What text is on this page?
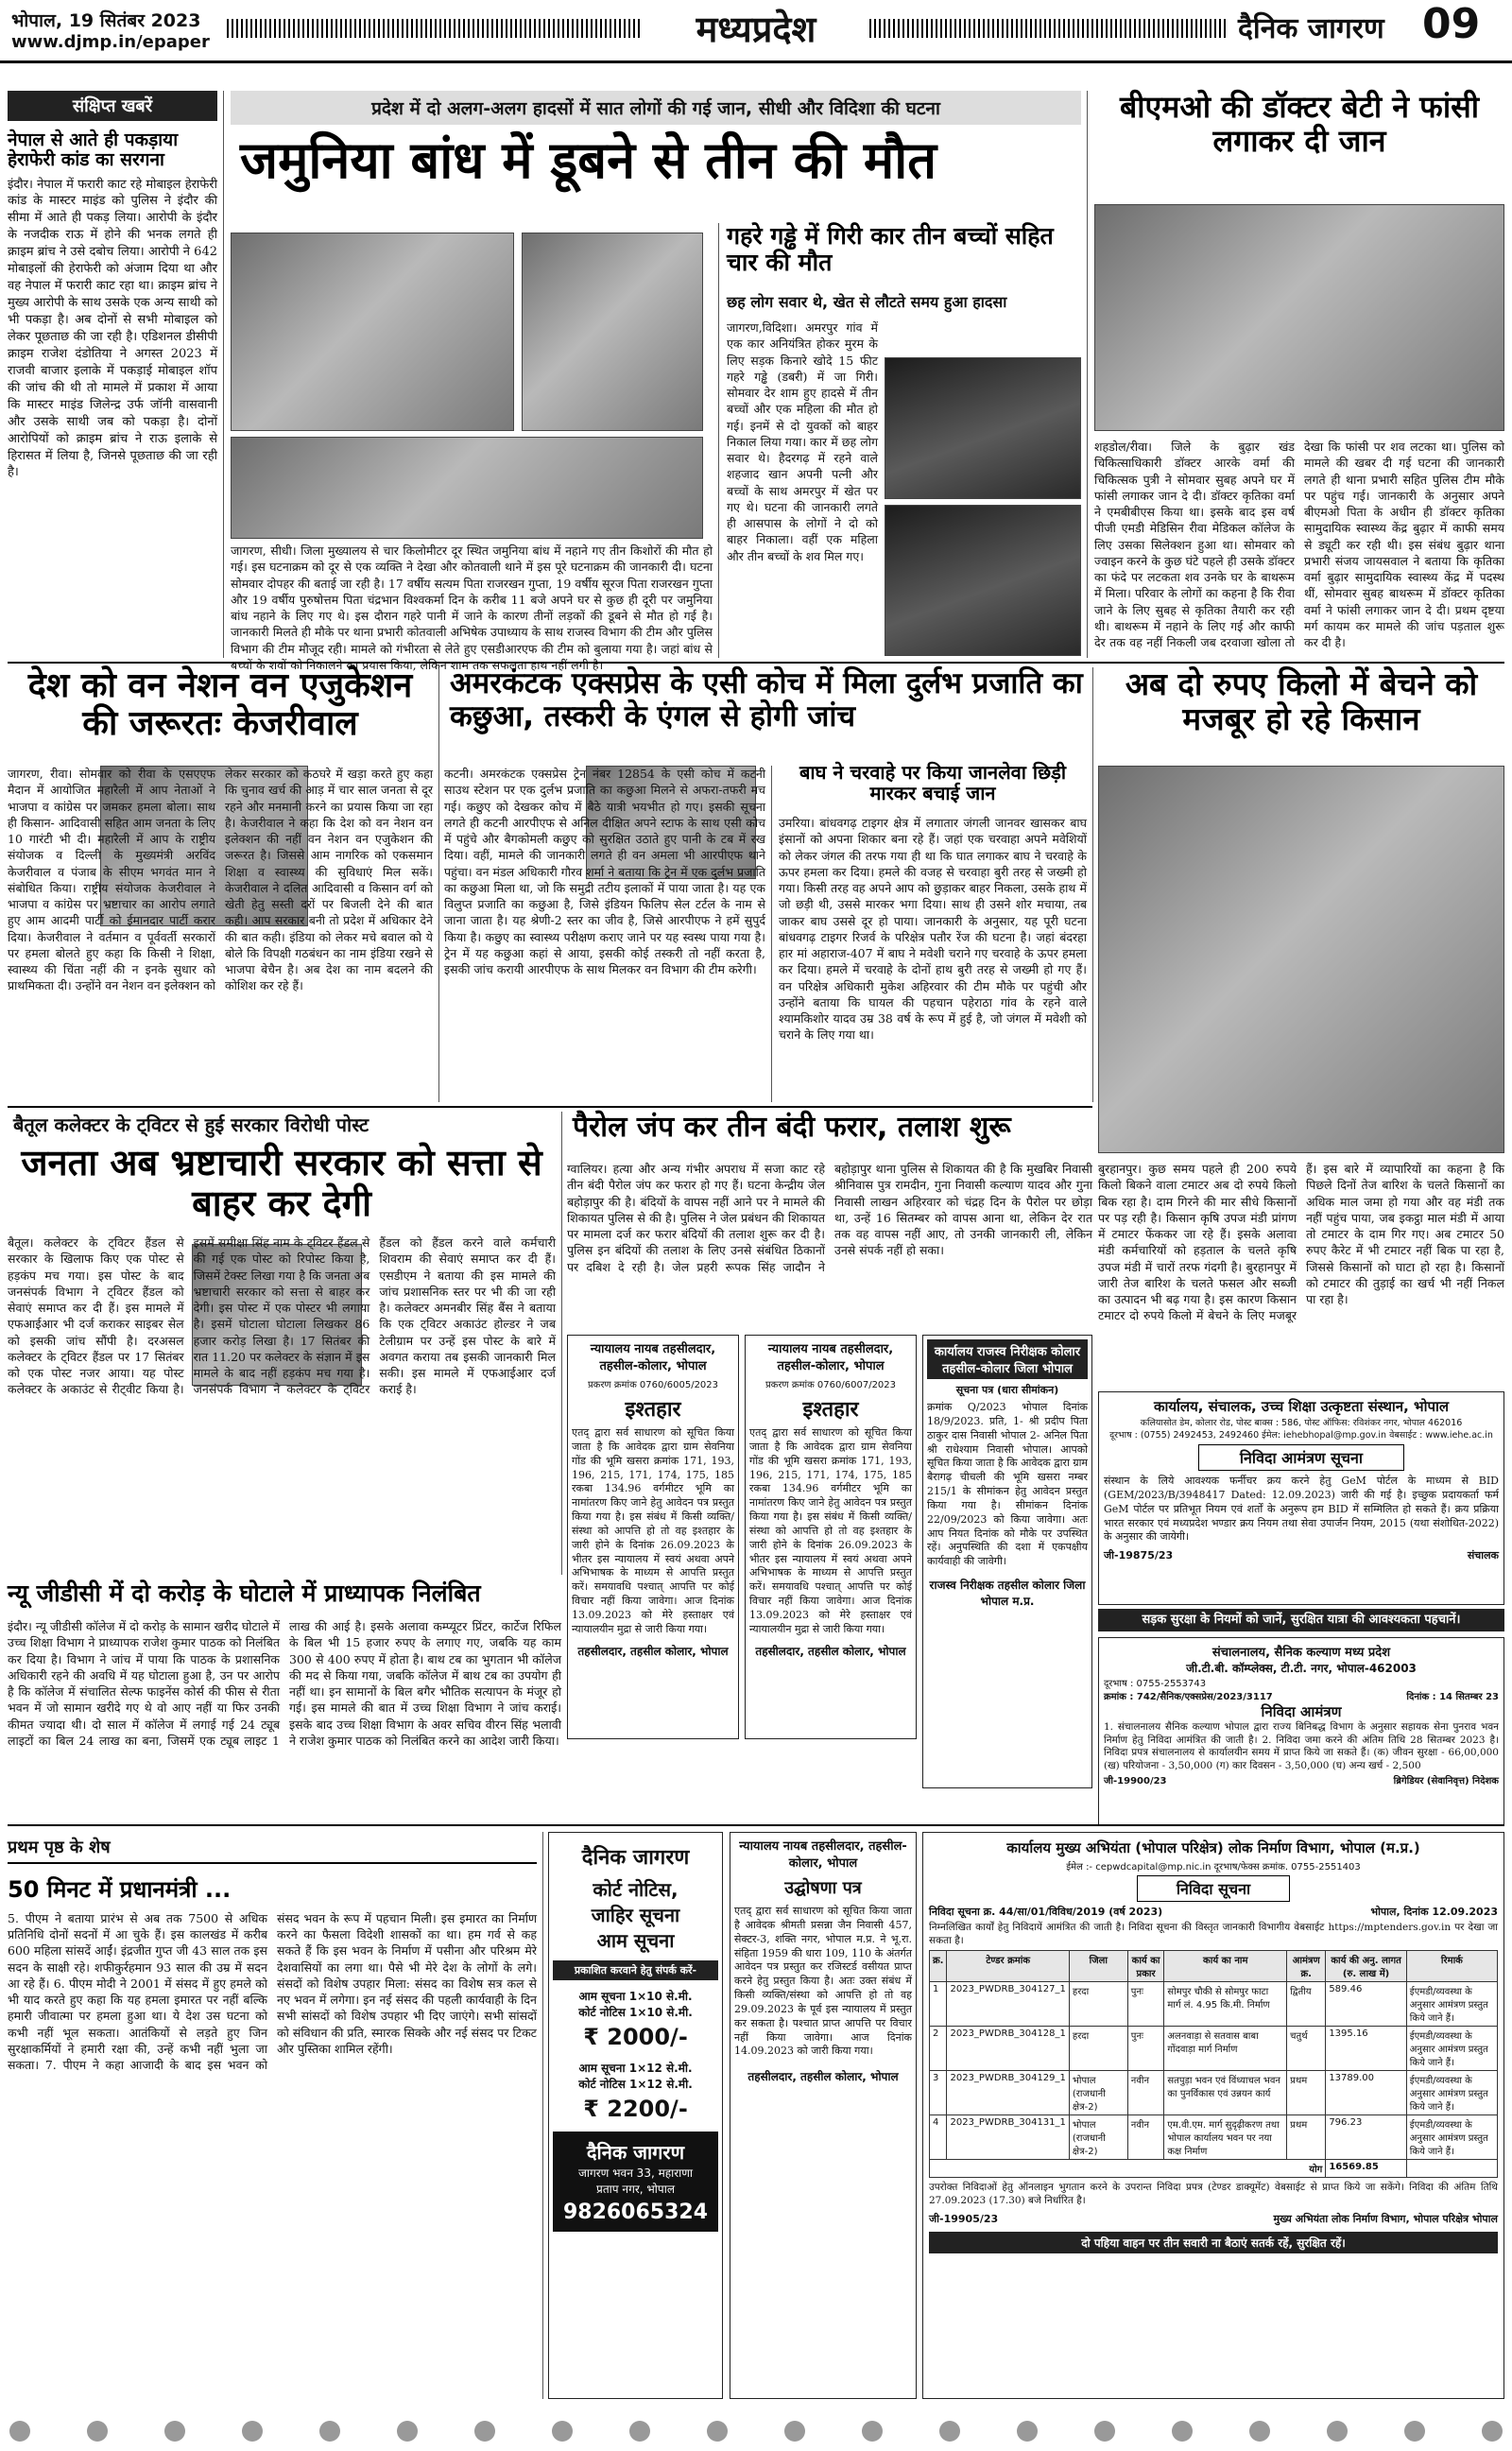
भोपाल, 19 सितंबर 2023
www.djmp.in/epaper	मध्यप्रदेश	दैनिक जागरण 09
संक्षिप्त खबरें
नेपाल से आते ही पकड़ाया हेराफेरी कांड का सरगना

इंदौर। नेपाल में फरारी काट रहे मोबाइल हेराफेरी कांड के मास्टर माइंड को पुलिस ने इंदौर की सीमा में आते ही पकड़ लिया। आरोपी के इंदौर के नजदीक राऊ में होने की भनक लगते ही क्राइम ब्रांच ने उसे दबोच लिया। आरोपी ने 642 मोबाइलों की हेराफेरी को अंजाम दिया था और वह नेपाल में फरारी काट रहा था। क्राइम ब्रांच ने मुख्य आरोपी के साथ उसके एक अन्य साथी को भी पकड़ा है। अब दोनों से सभी मोबाइल को लेकर पूछताछ की जा रही है। एडिशनल डीसीपी क्राइम राजेश दंडोतिया ने अगस्त 2023 में राजवी बाजार इलाके में पकड़ाई मोबाइल शॉप की जांच की थी तो मामले में प्रकाश में आया कि मास्टर माइंड जिलेन्द्र उर्फ जॉनी वासवानी और उसके साथी जब को पकड़ा है। दोनों आरोपियों को क्राइम ब्रांच ने राऊ इलाके से हिरासत में लिया है, जिनसे पूछताछ की जा रही है।

प्रदेश में दो अलग-अलग हादसों में सात लोगों की गई जान, सीधी और विदिशा की घटना
जमुनिया बांध में डूबने से तीन की मौत

जागरण, सीधी। जिला मुख्यालय से चार किलोमीटर दूर स्थित जमुनिया बांध में नहाने गए तीन किशोरों की मौत हो गई। इस घटनाक्रम को दूर से एक व्यक्ति ने देखा और कोतवाली थाने में इस पूरे घटनाक्रम की जानकारी दी। घटना सोमवार दोपहर की बताई जा रही है। 17 वर्षीय सत्यम पिता राजरखन गुप्ता, 19 वर्षीय सूरज पिता राजरखन गुप्ता और 19 वर्षीय पुरुषोत्तम पिता चंद्रभान विश्वकर्मा दिन के करीब 11 बजे अपने घर से कुछ ही दूरी पर जमुनिया बांध नहाने के लिए गए थे। इस दौरान गहरे पानी में जाने के कारण तीनों लड़कों की डूबने से मौत हो गई है। जानकारी मिलते ही मौके पर थाना प्रभारी कोतवाली अभिषेक उपाध्याय के साथ राजस्व विभाग की टीम और पुलिस विभाग की टीम मौजूद रही। मामले को गंभीरता से लेते हुए एसडीआरएफ की टीम को बुलाया गया है। जहां बांध से बच्चों के शवों को निकालने का प्रयास किया, लेकिन शाम तक सफलता हाथ नहीं लगी है।

गहरे गड्ढे में गिरी कार तीन बच्चों सहित चार की मौत
छह लोग सवार थे, खेत से लौटते समय हुआ हादसा

जागरण,विदिशा। अमरपुर गांव में एक कार अनियंत्रित होकर मुरम के लिए सड़क किनारे खोदे 15 फीट गहरे गड्ढे (डबरी) में जा गिरी। सोमवार देर शाम हुए हादसे में तीन बच्चों और एक महिला की मौत हो गई। इनमें से दो युवकों को बाहर निकाल लिया गया। कार में छह लोग सवार थे। हैदरगढ़ में रहने वाले शहजाद खान अपनी पत्नी और बच्चों के साथ अमरपुर में खेत पर गए थे। घटना की जानकारी लगते ही आसपास के लोगों ने दो को बाहर निकाला। वहीं एक महिला और तीन बच्चों के शव मिल गए।

बीएमओ की डॉक्टर बेटी ने फांसी लगाकर दी जान

शहडोल/रीवा। जिले के बुढ़ार खंड चिकित्साधिकारी डॉक्टर आरके वर्मा की चिकित्सक पुत्री ने सोमवार सुबह अपने घर में फांसी लगाकर जान दे दी। डॉक्टर कृतिका वर्मा ने एमबीबीएस किया था। इसके बाद इस वर्ष पीजी एमडी मेडिसिन रीवा मेडिकल कॉलेज के लिए उसका सिलेक्शन हुआ था। सोमवार को ज्वाइन करने के कुछ घंटे पहले ही उसके डॉक्टर का फंदे पर लटकता शव उनके घर के बाथरूम में मिला। परिवार के लोगों का कहना है कि रीवा जाने के लिए सुबह से कृतिका तैयारी कर रही थी। बाथरूम में नहाने के लिए गई और काफी देर तक वह नहीं निकली जब दरवाजा खोला तो देखा कि फांसी पर शव लटका था। पुलिस को मामले की खबर दी गई घटना की जानकारी लगते ही थाना प्रभारी सहित पुलिस टीम मौके पर पहुंच गई। जानकारी के अनुसार अपने बीएमओ पिता के अधीन ही डॉक्टर कृतिका सामुदायिक स्वास्थ्य केंद्र बुढ़ार में काफी समय से ड्यूटी कर रही थी। इस संबंध बुढ़ार थाना प्रभारी संजय जायसवाल ने बताया कि कृतिका वर्मा बुढ़ार सामुदायिक स्वास्थ्य केंद्र में पदस्थ थीं, सोमवार सुबह बाथरूम में डॉक्टर कृतिका वर्मा ने फांसी लगाकर जान दे दी। प्रथम दृष्टया मर्ग कायम कर मामले की जांच पड़ताल शुरू कर दी है।

देश को वन नेशन वन एजुकेशन की जरूरतः केजरीवाल

जागरण, रीवा। सोमवार को रीवा के एसएएफ मैदान में आयोजित महारैली में आप नेताओं ने भाजपा व कांग्रेस पर जमकर हमला बोला। साथ ही किसान- आदिवासी सहित आम जनता के लिए 10 गारंटी भी दी। महारैली में आप के राष्ट्रीय संयोजक व दिल्ली के मुख्यमंत्री अरविंद केजरीवाल व पंजाब के सीएम भगवंत मान ने संबोधित किया। राष्ट्रीय संयोजक केजरीवाल ने भाजपा व कांग्रेस पर भ्रष्टाचार का आरोप लगाते हुए आम आदमी पार्टी को ईमानदार पार्टी करार दिया। केजरीवाल ने वर्तमान व पूर्ववर्ती सरकारों पर हमला बोलते हुए कहा कि किसी ने शिक्षा, स्वास्थ्य की चिंता नहीं की न इनके सुधार को प्राथमिकता दी। उन्होंने वन नेशन वन इलेक्शन को लेकर सरकार को कठघरे में खड़ा करते हुए कहा कि चुनाव खर्च की आड़ में चार साल जनता से दूर रहने और मनमानी करने का प्रयास किया जा रहा है। केजरीवाल ने कहा कि देश को वन नेशन वन इलेक्शन की नहीं वन नेशन वन एजुकेशन की जरूरत है। जिससे आम नागरिक को एकसमान शिक्षा व स्वास्थ्य की सुविधाएं मिल सकें। केजरीवाल ने दलित आदिवासी व किसान वर्ग को खेती हेतु सस्ती दरों पर बिजली देने की बात कही। आप सरकार बनी तो प्रदेश में अधिकार देने की बात कही। इंडिया को लेकर मचे बवाल को ये बोले कि विपक्षी गठबंधन का नाम इंडिया रखने से भाजपा बेचैन है। अब देश का नाम बदलने की कोशिश कर रहे हैं।

अमरकंटक एक्सप्रेस के एसी कोच में मिला दुर्लभ प्रजाति का कछुआ, तस्करी के एंगल से होगी जांच

कटनी। अमरकंटक एक्सप्रेस ट्रेन नंबर 12854 के एसी कोच में कटनी साउथ स्टेशन पर एक दुर्लभ प्रजाति का कछुआ मिलने से अफरा-तफरी मच गई। कछुए को देखकर कोच में बैठे यात्री भयभीत हो गए। इसकी सूचना लगते ही कटनी आरपीएफ से अनिल दीक्षित अपने स्टाफ के साथ एसी कोच में पहुंचे और बैगकोमली कछुए को सुरक्षित उठाते हुए पानी के टब में रख दिया। वहीं, मामले की जानकारी लगते ही वन अमला भी आरपीएफ थाने पहुंचा। वन मंडल अधिकारी गौरव शर्मा ने बताया कि ट्रेन में एक दुर्लभ प्रजाति का कछुआ मिला था, जो कि समुद्री तटीय इलाकों में पाया जाता है। यह एक विलुप्त प्रजाति का कछुआ है, जिसे इंडियन फिलिप सेल टर्टल के नाम से जाना जाता है। यह श्रेणी-2 स्तर का जीव है, जिसे आरपीएफ ने हमें सुपुर्द किया है। कछुए का स्वास्थ्य परीक्षण कराए जाने पर यह स्वस्थ पाया गया है। ट्रेन में यह कछुआ कहां से आया, इसकी कोई तस्करी तो नहीं करता है, इसकी जांच करायी आरपीएफ के साथ मिलकर वन विभाग की टीम करेगी।

बाघ ने चरवाहे पर किया जानलेवा छिड़ी मारकर बचाई जान

उमरिया। बांधवगढ़ टाइगर क्षेत्र में लगातार जंगली जानवर खासकर बाघ इंसानों को अपना शिकार बना रहे हैं। जहां एक चरवाहा अपने मवेशियों को लेकर जंगल की तरफ गया ही था कि घात लगाकर बाघ ने चरवाहे के ऊपर हमला कर दिया। हमले की वजह से चरवाहा बुरी तरह से जख्मी हो गया। किसी तरह वह अपने आप को छुड़ाकर बाहर निकला, उसके हाथ में जो छड़ी थी, उससे मारकर भगा दिया। साथ ही उसने शोर मचाया, तब जाकर बाघ उससे दूर हो पाया। जानकारी के अनुसार, यह पूरी घटना बांधवगढ़ टाइगर रिजर्व के परिक्षेत्र पतौर रेंज की घटना है। जहां बंदरहा हार मां अहाराज-407 में बाघ ने मवेशी चराने गए चरवाहे के ऊपर हमला कर दिया। हमले में चरवाहे के दोनों हाथ बुरी तरह से जख्मी हो गए हैं। वन परिक्षेत्र अधिकारी मुकेश अहिरवार की टीम मौके पर पहुंची और उन्होंने बताया कि घायल की पहचान पहेराठा गांव के रहने वाले श्यामकिशोर यादव उम्र 38 वर्ष के रूप में हुई है, जो जंगल में मवेशी को चराने के लिए गया था।

अब दो रुपए किलो में बेचने को मजबूर हो रहे किसान

बुरहानपुर। कुछ समय पहले ही 200 रुपये किलो बिकने वाला टमाटर अब दो रुपये किलो बिक रहा है। दाम गिरने की मार सीधे किसानों पर पड़ रही है। किसान कृषि उपज मंडी प्रांगण में टमाटर फेंककर जा रहे हैं। इसके अलावा मंडी कर्मचारियों को हड़ताल के चलते कृषि उपज मंडी में चारों तरफ गंदगी है। बुरहानपुर में जारी तेज बारिश के चलते फसल और सब्जी का उत्पादन भी बढ़ गया है। इस कारण किसान टमाटर दो रुपये किलो में बेचने के लिए मजबूर हैं। इस बारे में व्यापारियों का कहना है कि पिछले दिनों तेज बारिश के चलते किसानों का अधिक माल जमा हो गया और वह मंडी तक नहीं पहुंच पाया, जब इकट्ठा माल मंडी में आया तो टमाटर के दाम गिर गए। अब टमाटर 50 रुपए कैरेट में भी टमाटर नहीं बिक पा रहा है, जिससे किसानों को घाटा हो रहा है। किसानों को टमाटर की तुड़ाई का खर्च भी नहीं निकल पा रहा है।

बैतूल कलेक्टर के ट्विटर से हुई सरकार विरोधी पोस्ट
जनता अब भ्रष्टाचारी सरकार को सत्ता से बाहर कर देगी

बैतूल। कलेक्टर के ट्विटर हैंडल से सरकार के खिलाफ किए एक पोस्ट से हड़कंप मच गया। इस पोस्ट के बाद जनसंपर्क विभाग ने ट्विटर हैंडल को सेवाएं समाप्त कर दी हैं। इस मामले में एफआईआर भी दर्ज कराकर साइबर सेल को इसकी जांच सौंपी है। दरअसल कलेक्टर के ट्विटर हैंडल पर 17 सितंबर को एक पोस्ट नजर आया। यह पोस्ट कलेक्टर के अकाउंट से रीट्वीट किया है। इसमें समीक्षा सिंह नाम के ट्विटर हैंडल से की गई एक पोस्ट को रिपोस्ट किया है, जिसमें टेक्स्ट लिखा गया है कि जनता अब भ्रष्टाचारी सरकार को सत्ता से बाहर कर देगी। इस पोस्ट में एक पोस्टर भी लगाया है। इसमें घोटाला घोटाला लिखकर 86 हजार करोड़ लिखा है। 17 सितंबर की रात 11.20 पर कलेक्टर के संज्ञान में इस मामले के बाद नहीं हड़कंप मच गया है। जनसंपर्क विभाग ने कलेक्टर के ट्विटर हैंडल को हैंडल करने वाले कर्मचारी शिवराम की सेवाएं समाप्त कर दी हैं। एसडीएम ने बताया की इस मामले की जांच प्रशासनिक स्तर पर भी की जा रही है। कलेक्टर अमनबीर सिंह बैंस ने बताया कि एक ट्विटर अकाउंट होल्डर ने जब टेलीग्राम पर उन्हें इस पोस्ट के बारे में अवगत कराया तब इसकी जानकारी मिल सकी। इस मामले में एफआईआर दर्ज कराई है।

पैरोल जंप कर तीन बंदी फरार, तलाश शुरू

ग्वालियर। हत्या और अन्य गंभीर अपराध में सजा काट रहे तीन बंदी पैरोल जंप कर फरार हो गए हैं। घटना केन्द्रीय जेल बहोड़ापुर की है। बंदियों के वापस नहीं आने पर ने मामले की शिकायत पुलिस से की है। पुलिस ने जेल प्रबंधन की शिकायत पर मामला दर्ज कर फरार बंदियों की तलाश शुरू कर दी है। पुलिस इन बंदियों की तलाश के लिए उनसे संबंधित ठिकानों पर दबिश दे रही है। जेल प्रहरी रूपक सिंह जादौन ने बहोड़ापुर थाना पुलिस से शिकायत की है कि मुखबिर निवासी श्रीनिवास पुत्र रामदीन, गुना निवासी कल्याण यादव और गुना निवासी लाखन अहिरवार को चंद्रह दिन के पैरोल पर छोड़ा था, उन्हें 16 सितम्बर को वापस आना था, लेकिन देर रात तक वह वापस नहीं आए, तो उनकी जानकारी ली, लेकिन उनसे संपर्क नहीं हो सका।

न्यायालय नायब तहसीलदार, तहसील-कोलार, भोपाल
प्रकरण क्रमांक 0760/6005/2023
इश्तहार

एतद् द्वारा सर्व साधारण को सूचित किया जाता है कि आवेदक द्वारा ग्राम सेवनिया गोंड की भूमि खसरा क्रमांक 171, 193, 196, 215, 171, 174, 175, 185 रकबा 134.96 वर्गमीटर भूमि का नामांतरण किए जाने हेतु आवेदन पत्र प्रस्तुत किया गया है। इस संबंध में किसी व्यक्ति/संस्था को आपत्ति हो तो वह इश्तहार के जारी होने के दिनांक 26.09.2023 के भीतर इस न्यायालय में स्वयं अथवा अपने अभिभाषक के माध्यम से आपत्ति प्रस्तुत करें। समयावधि पश्चात् आपत्ति पर कोई विचार नहीं किया जावेगा। आज दिनांक 13.09.2023 को मेरे हस्ताक्षर एवं न्यायालयीन मुद्रा से जारी किया गया।

तहसीलदार, तहसील कोलार, भोपाल
न्यायालय नायब तहसीलदार, तहसील-कोलार, भोपाल
प्रकरण क्रमांक 0760/6007/2023
इश्तहार

एतद् द्वारा सर्व साधारण को सूचित किया जाता है कि आवेदक द्वारा ग्राम सेवनिया गोंड की भूमि खसरा क्रमांक 171, 193, 196, 215, 171, 174, 175, 185 रकबा 134.96 वर्गमीटर भूमि का नामांतरण किए जाने हेतु आवेदन पत्र प्रस्तुत किया गया है। इस संबंध में किसी व्यक्ति/संस्था को आपत्ति हो तो वह इश्तहार के जारी होने के दिनांक 26.09.2023 के भीतर इस न्यायालय में स्वयं अथवा अपने अभिभाषक के माध्यम से आपत्ति प्रस्तुत करें। समयावधि पश्चात् आपत्ति पर कोई विचार नहीं किया जावेगा। आज दिनांक 13.09.2023 को मेरे हस्ताक्षर एवं न्यायालयीन मुद्रा से जारी किया गया।

तहसीलदार, तहसील कोलार, भोपाल
कार्यालय राजस्व निरीक्षक कोलार तहसील-कोलार जिला भोपाल
सूचना पत्र (धारा सीमांकन)

क्रमांक Q/2023 भोपाल दिनांक 18/9/2023. प्रति, 1- श्री प्रदीप पिता ठाकुर दास निवासी भोपाल 2- अनिल पिता श्री राधेश्याम निवासी भोपाल। आपको सूचित किया जाता है कि आवेदक द्वारा ग्राम बैरागढ़ चीचली की भूमि खसरा नम्बर 215/1 के सीमांकन हेतु आवेदन प्रस्तुत किया गया है। सीमांकन दिनांक 22/09/2023 को किया जावेगा। अतः आप नियत दिनांक को मौके पर उपस्थित रहें। अनुपस्थिति की दशा में एकपक्षीय कार्यवाही की जावेगी।

राजस्व निरीक्षक तहसील कोलार जिला भोपाल म.प्र.
कार्यालय, संचालक, उच्च शिक्षा उत्कृष्टता संस्थान, भोपाल
कलियासोत डेम, कोलार रोड, पोस्ट बाक्स : 586, पोस्ट ऑफिस: रविशंकर नगर, भोपाल 462016
दूरभाष : (0755) 2492453, 2492460 ईमेल: iehebhopal@mp.gov.in वेबसाईट : www.iehe.ac.in
निविदा आमंत्रण सूचना

संस्थान के लिये आवश्यक फर्नीचर क्रय करने हेतु GeM पोर्टल के माध्यम से BID (GEM/2023/B/3948417 Dated: 12.09.2023) जारी की गई है। इच्छुक प्रदायकर्ता फर्म GeM पोर्टल पर प्रतिभूत नियम एवं शर्तों के अनुरूप हम BID में सम्मिलित हो सकते हैं। क्रय प्रक्रिया भारत सरकार एवं मध्यप्रदेश भण्डार क्रय नियम तथा सेवा उपार्जन नियम, 2015 (यथा संशोधित-2022) के अनुसार की जायेगी।

जी-19875/23	संचालक
सड़क सुरक्षा के नियमों को जानें, सुरक्षित यात्रा की आवश्यकता पहचानें।
संचालनालय, सैनिक कल्याण मध्य प्रदेश
जी.टी.बी. कॉम्प्लेक्स, टी.टी. नगर, भोपाल-462003
दूरभाष : 0755-2553743
क्रमांक : 742/सैनिक/एक्सप्रेस/2023/3117	दिनांक : 14 सितम्बर 23
निविदा आमंत्रण

1. संचालनालय सैनिक कल्याण भोपाल द्वारा राज्य बिनिबद्ध विभाग के अनुसार सहायक सेना पुनराव भवन निर्माण हेतु निविदा आमंत्रित की जाती है। 2. निविदा जमा करने की अंतिम तिथि 28 सितम्बर 2023 है। निविदा प्रपत्र संचालनालय से कार्यालयीन समय में प्राप्त किये जा सकते हैं। (क) जीवन सुरक्षा - 66,00,000 (ख) परियोजना - 3,50,000 (ग) कार दिवसन - 3,50,000 (घ) अन्य खर्च - 2,500

जी-19900/23	ब्रिगेडियर (सेवानिवृत्त) निदेशक
न्यू जीडीसी में दो करोड़ के घोटाले में प्राध्यापक निलंबित

इंदौर। न्यू जीडीसी कॉलेज में दो करोड़ के सामान खरीद घोटाले में उच्च शिक्षा विभाग ने प्राध्यापक राजेश कुमार पाठक को निलंबित कर दिया है। विभाग ने जांच में पाया कि पाठक के प्रशासनिक अधिकारी रहने की अवधि में यह घोटाला हुआ है, उन पर आरोप है कि कॉलेज में संचालित सेल्फ फाइनेंस कोर्स की फीस से रीता भवन में जो सामान खरीदे गए थे वो आए नहीं या फिर उनकी कीमत ज्यादा थी। दो साल में कॉलेज में लगाई गई 24 ट्यूब लाइटों का बिल 24 लाख का बना, जिसमें एक ट्यूब लाइट 1 लाख की आई है। इसके अलावा कम्प्यूटर प्रिंटर, कार्टेज रिफिल के बिल भी 15 हजार रुपए के लगाए गए, जबकि यह काम 300 से 400 रुपए में होता है। बाथ टब का भुगतान भी कॉलेज की मद से किया गया, जबकि कॉलेज में बाथ टब का उपयोग ही नहीं था। इन सामानों के बिल बगैर भौतिक सत्यापन के मंजूर हो गई। इस मामले की बात में उच्च शिक्षा विभाग ने जांच कराई। इसके बाद उच्च शिक्षा विभाग के अवर सचिव वीरन सिंह भलावी ने राजेश कुमार पाठक को निलंबित करने का आदेश जारी किया।

प्रथम पृष्ठ के शेष
50 मिनट में प्रधानमंत्री ...

5. पीएम ने बताया प्रारंभ से अब तक 7500 से अधिक प्रतिनिधि दोनों सदनों में आ चुके हैं। इस कालखंड में करीब 600 महिला सांसदें आईं। इंद्रजीत गुप्त जी 43 साल तक इस सदन के साक्षी रहे। शफीकुर्रहमान 93 साल की उम्र में सदन आ रहे हैं। 6. पीएम मोदी ने 2001 में संसद में हुए हमले को भी याद करते हुए कहा कि यह हमला इमारत पर नहीं बल्कि हमारी जीवात्मा पर हमला हुआ था। ये देश उस घटना को कभी नहीं भूल सकता। आतंकियों से लड़ते हुए जिन सुरक्षाकर्मियों ने हमारी रक्षा की, उन्हें कभी नहीं भुला जा सकता। 7. पीएम ने कहा आजादी के बाद इस भवन को संसद भवन के रूप में पहचान मिली। इस इमारत का निर्माण करने का फैसला विदेशी शासकों का था। हम गर्व से कह सकते हैं कि इस भवन के निर्माण में पसीना और परिश्रम मेरे देशवासियों का लगा था। पैसे भी मेरे देश के लोगों के लगे। संसदों को विशेष उपहार मिला: संसद का विशेष सत्र कल से नए भवन में लगेगा। इन नई संसद की पहली कार्यवाही के दिन सभी सांसदों को विशेष उपहार भी दिए जाएंगे। सभी सांसदों को संविधान की प्रति, स्मारक सिक्के और नई संसद पर टिकट और पुस्तिका शामिल रहेंगी।

दैनिक जागरण
कोर्ट नोटिस,
जाहिर सूचना
आम सूचना
प्रकाशित करवाने हेतु संपर्क करें-
आम सूचना 1×10 से.मी.
कोर्ट नोटिस 1×10 से.मी.
₹ 2000/-
आम सूचना 1×12 से.मी.
कोर्ट नोटिस 1×12 से.मी.
₹ 2200/-
दैनिक जागरण
जागरण भवन 33, महाराणा
प्रताप नगर, भोपाल
9826065324
न्यायालय नायब तहसीलदार, तहसील-कोलार, भोपाल
उद्घोषणा पत्र

एतद् द्वारा सर्व साधारण को सूचित किया जाता है आवेदक श्रीमती प्रसन्ना जैन निवासी 457, सेक्टर-3, शक्ति नगर, भोपाल म.प्र. ने भू.रा. संहिता 1959 की धारा 109, 110 के अंतर्गत आवेदन पत्र प्रस्तुत कर रजिस्टर्ड वसीयत प्राप्त करने हेतु प्रस्तुत किया है। अतः उक्त संबंध में किसी व्यक्ति/संस्था को आपत्ति हो तो वह 29.09.2023 के पूर्व इस न्यायालय में प्रस्तुत कर सकता है। पश्चात प्राप्त आपत्ति पर विचार नहीं किया जावेगा। आज दिनांक 14.09.2023 को जारी किया गया।

तहसीलदार, तहसील कोलार, भोपाल
कार्यालय मुख्य अभियंता (भोपाल परिक्षेत्र) लोक निर्माण विभाग, भोपाल (म.प्र.)
ईमेल :- cepwdcapital@mp.nic.in दूरभाष/फेक्स क्रमांक. 0755-2551403
निविदा सूचना
निविदा सूचना क्र. 44/सा/01/विविध/2019 (वर्ष 2023)	भोपाल, दिनांक 12.09.2023

निम्नलिखित कार्यों हेतु निविदायें आमंत्रित की जाती है। निविदा सूचना की विस्तृत जानकारी विभागीय वेबसाईट https://mptenders.gov.in पर देखा जा सकता है।

क्र.	टेण्डर क्रमांक	जिला	कार्य का प्रकार	कार्य का नाम	आमंत्रण क्र.	कार्य की अनु. लागत (रु. लाख में)	रिमार्क
1	2023_PWDRB_304127_1	हरदा	पुनः	सोमपुर चौकी से सोमपुर फाटा मार्ग लं. 4.95 कि.मी. निर्माण	द्वितीय	589.46	ईएमडी/व्यवस्था के अनुसार आमंत्रण प्रस्तुत किये जाने हैं।
2	2023_PWDRB_304128_1	हरदा	पुनः	अलनवाड़ा से सतवास बाबा गोंदवाड़ा मार्ग निर्माण	चतुर्थ	1395.16	ईएमडी/व्यवस्था के अनुसार आमंत्रण प्रस्तुत किये जाने हैं।
3	2023_PWDRB_304129_1	भोपाल (राजधानी क्षेत्र-2)	नवीन	सतपुड़ा भवन एवं विंध्याचल भवन का पुनर्विकास एवं उन्नयन कार्य	प्रथम	13789.00	ईएमडी/व्यवस्था के अनुसार आमंत्रण प्रस्तुत किये जाने हैं।
4	2023_PWDRB_304131_1	भोपाल (राजधानी क्षेत्र-2)	नवीन	एम.वी.एम. मार्ग सुदृढ़ीकरण तथा भोपाल कार्यालय भवन पर नया कक्ष निर्माण	प्रथम	796.23	ईएमडी/व्यवस्था के अनुसार आमंत्रण प्रस्तुत किये जाने हैं।
योग						16569.85	

उपरोक्त निविदाओं हेतु ऑनलाइन भुगतान करने के उपरान्त निविदा प्रपत्र (टेण्डर डाक्यूमेंट) वेबसाईट से प्राप्त किये जा सकेंगे। निविदा की अंतिम तिथि 27.09.2023 (17.30) बजे निर्धारित है।

जी-19905/23	मुख्य अभियंता लोक निर्माण विभाग, भोपाल परिक्षेत्र भोपाल
दो पहिया वाहन पर तीन सवारी ना बैठाएं सतर्क रहें, सुरक्षित रहें।
